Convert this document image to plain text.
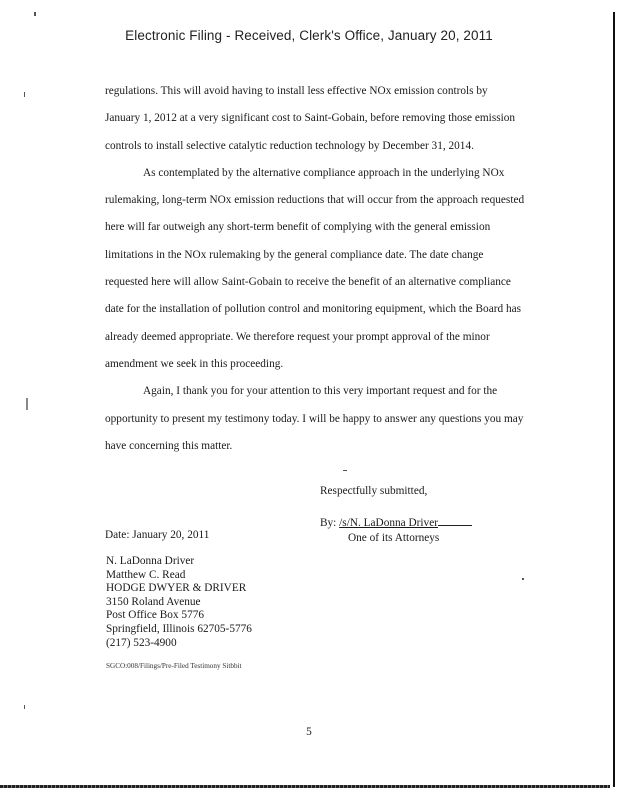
Electronic Filing - Received, Clerk's Office, January 20, 2011

regulations. This will avoid having to install less effective NOx emission controls by January 1, 2012 at a very significant cost to Saint-Gobain, before removing those emission controls to install selective catalytic reduction technology by December 31, 2014.

As contemplated by the alternative compliance approach in the underlying NOx rulemaking, long-term NOx emission reductions that will occur from the approach requested here will far outweigh any short-term benefit of complying with the general emission limitations in the NOx rulemaking by the general compliance date. The date change requested here will allow Saint-Gobain to receive the benefit of an alternative compliance date for the installation of pollution control and monitoring equipment, which the Board has already deemed appropriate. We therefore request your prompt approval of the minor amendment we seek in this proceeding.

Again, I thank you for your attention to this very important request and for the opportunity to present my testimony today. I will be happy to answer any questions you may have concerning this matter.

Respectfully submitted,
By: /s/N. LaDonna Driver
One of its Attorneys
Date: January 20, 2011
N. LaDonna Driver
Matthew C. Read
HODGE DWYER & DRIVER
3150 Roland Avenue
Post Office Box 5776
Springfield, Illinois 62705-5776
(217) 523-4900
SGCO:008/Filings/Pre-Filed Testimony Sitbbit
5
